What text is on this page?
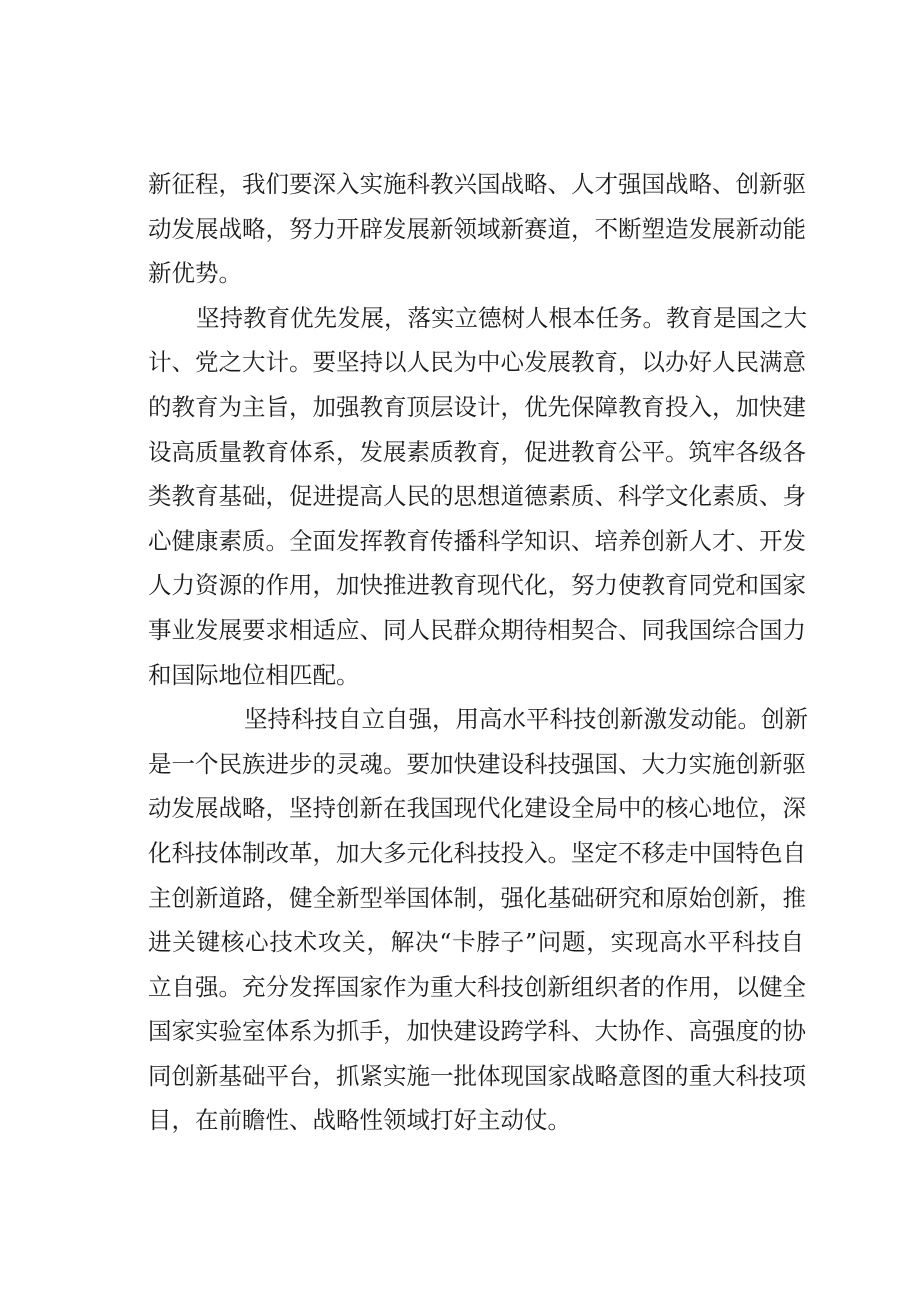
新征程，我们要深入实施科教兴国战略、人才强国战略、创新驱
动发展战略，努力开辟发展新领域新赛道，不断塑造发展新动能
新优势。
坚持教育优先发展，落实立德树人根本任务。教育是国之大
计、党之大计。要坚持以人民为中心发展教育，以办好人民满意
的教育为主旨，加强教育顶层设计，优先保障教育投入，加快建
设高质量教育体系，发展素质教育，促进教育公平。筑牢各级各
类教育基础，促进提高人民的思想道德素质、科学文化素质、身
心健康素质。全面发挥教育传播科学知识、培养创新人才、开发
人力资源的作用，加快推进教育现代化，努力使教育同党和国家
事业发展要求相适应、同人民群众期待相契合、同我国综合国力
和国际地位相匹配。
坚持科技自立自强，用高水平科技创新激发动能。创新
是一个民族进步的灵魂。要加快建设科技强国、大力实施创新驱
动发展战略，坚持创新在我国现代化建设全局中的核心地位，深
化科技体制改革，加大多元化科技投入。坚定不移走中国特色自
主创新道路，健全新型举国体制，强化基础研究和原始创新，推
进关键核心技术攻关，解决“卡脖子”问题，实现高水平科技自
立自强。充分发挥国家作为重大科技创新组织者的作用，以健全
国家实验室体系为抓手，加快建设跨学科、大协作、高强度的协
同创新基础平台，抓紧实施一批体现国家战略意图的重大科技项
目，在前瞻性、战略性领域打好主动仗。
